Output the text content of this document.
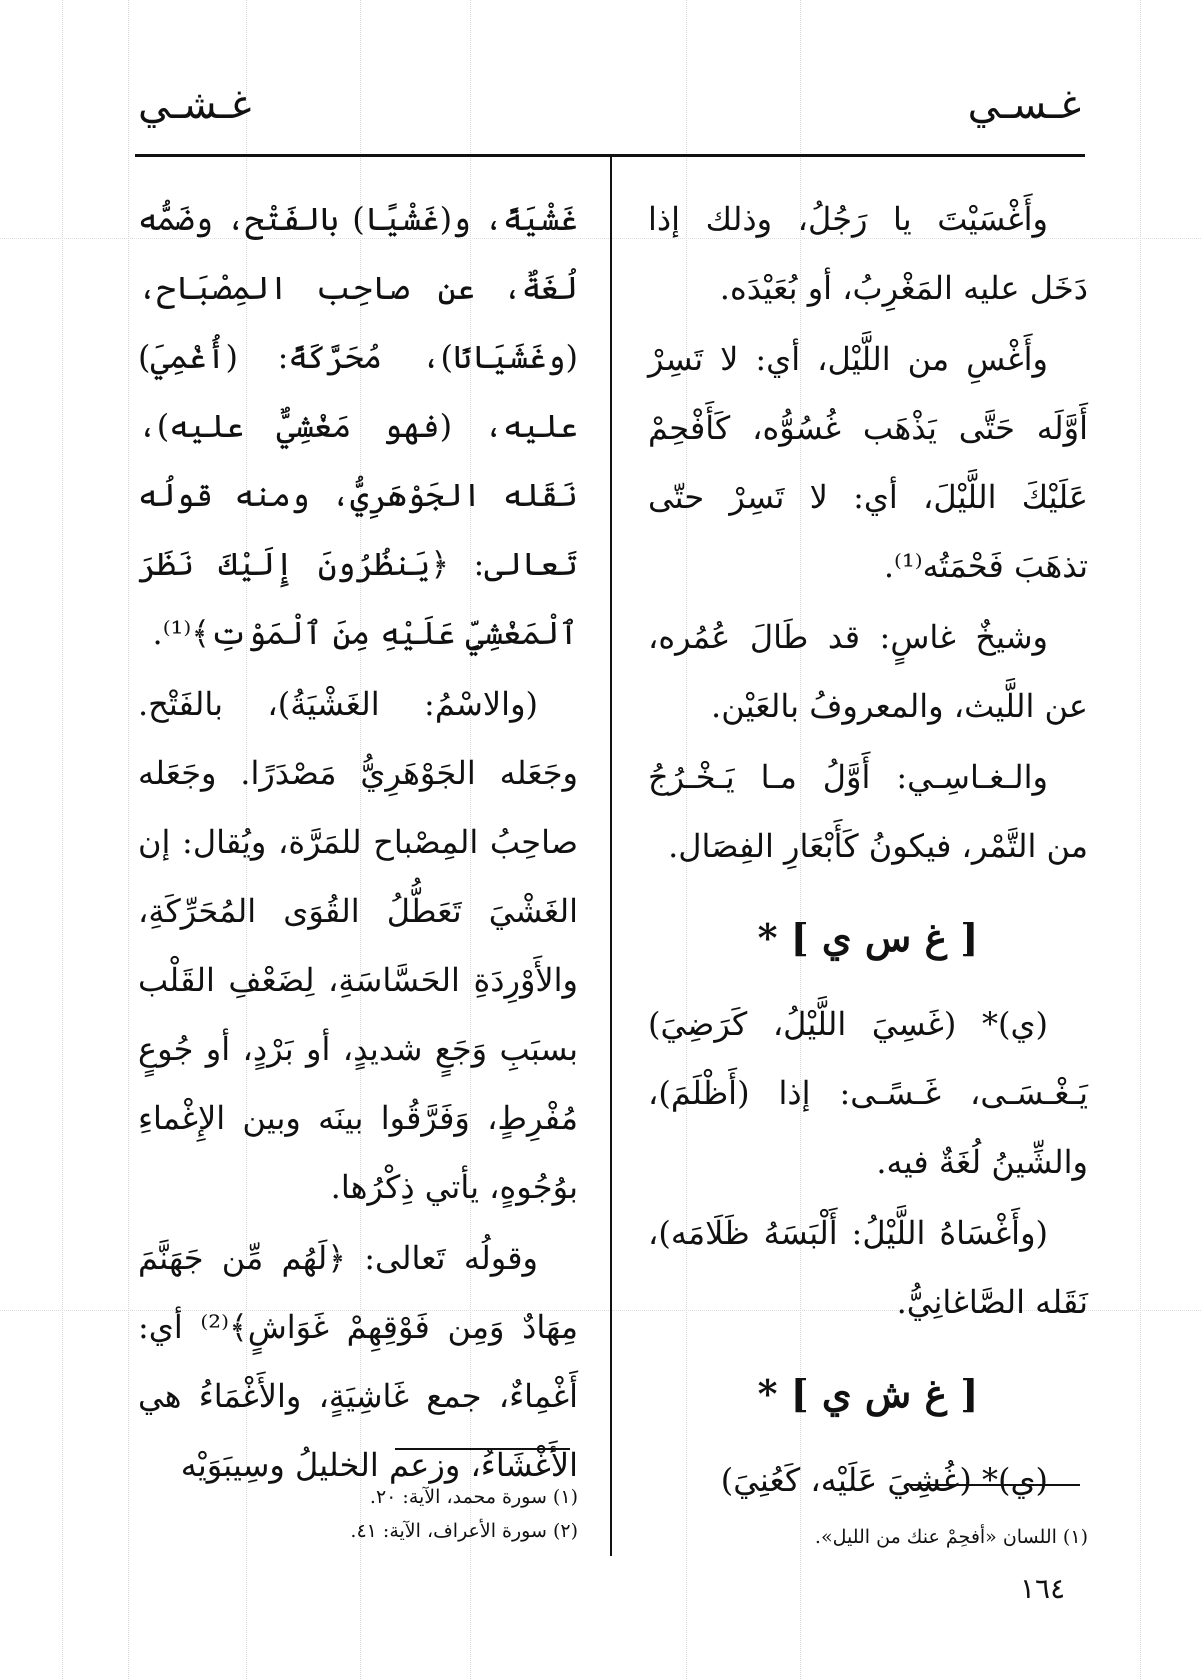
غـسـي
غـشـي

وأَغْسَيْتَ يا رَجُلُ، وذلك إذا دَخَل عليه المَغْرِبُ، أو بُعَيْدَه.

وأَغْسِ من اللَّيْل، أي: لا تَسِرْ أَوَّلَه حَتَّى يَذْهَب غُسُوُّه، كَأَفْحِمْ عَلَيْكَ اللَّيْلَ، أي: لا تَسِرْ حتّى تذهَبَ فَحْمَتُه⁽¹⁾.

وشيخٌ غاسٍ: قد طَالَ عُمُره، عن اللَّيث، والمعروفُ بالعَيْن.

والـغـاسِـي: أَوَّلُ مـا يَـخْـرُجُ من التَّمْر، فيكونُ كَأَبْعَارِ الفِصَال.

[ غ س ي ] *

(ي)* (غَسِيَ اللَّيْلُ، كَرَضِيَ) يَـغْـسَـى، غَـسًـى: إذا (أَظْلَمَ)، والشِّينُ لُغَةٌ فيه.

(وأَغْسَاهُ اللَّيْلُ: أَلْبَسَهُ ظَلَامَه)، نَقَله الصَّاغانِيُّ.

[ غ ش ي ] *

(ي)* (غُشِيَ عَلَيْه، كَعُنِيَ)

غَشْيَةً، و(غَشْيًا) بالفَتْح، وضَمُّه لُغَةٌ، عن صاحِب المِصْبَاح، (وغَشَيَانًا)، مُحَرَّكَةً: (أُغْمِيَ) عليه، (فهو مَغْشِيٌّ عليه)، نَقَله الجَوْهَرِيُّ، ومنه قولُه تَعالى: ﴿يَنظُرُونَ إِلَيْكَ نَظَرَ ٱلْمَغْشِيِّ عَلَيْهِ مِنَ ٱلْمَوْتِ﴾⁽¹⁾.

(والاسْمُ: الغَشْيَةُ)، بالفَتْح. وجَعَله الجَوْهَرِيُّ مَصْدَرًا. وجَعَله صاحِبُ المِصْباح للمَرَّة، ويُقال: إن الغَشْيَ تَعَطُّلُ القُوَى المُحَرِّكَةِ، والأَوْرِدَةِ الحَسَّاسَةِ، لِضَعْفِ القَلْب بسبَبِ وَجَعٍ شديدٍ، أو بَرْدٍ، أو جُوعٍ مُفْرِطٍ، وَفَرَّقُوا بينَه وبين الإِغْماءِ بوُجُوهٍ، يأتي ذِكْرُها.

وقولُه تَعالى: ﴿لَهُم مِّن جَهَنَّمَ مِهَادٌ وَمِن فَوْقِهِمْ غَوَاشٍ﴾⁽²⁾ أي: أَغْمِاءٌ، جمع غَاشِيَةٍ، والأَغْمَاءُ هي الأَغْشَاءُ، وزعم الخليلُ وسِيبَوَيْه

(١) اللسان «أفحِمْ عنك من الليل».
(١) سورة محمد، الآية: ٢٠.
(٢) سورة الأعراف، الآية: ٤١.
١٦٤
